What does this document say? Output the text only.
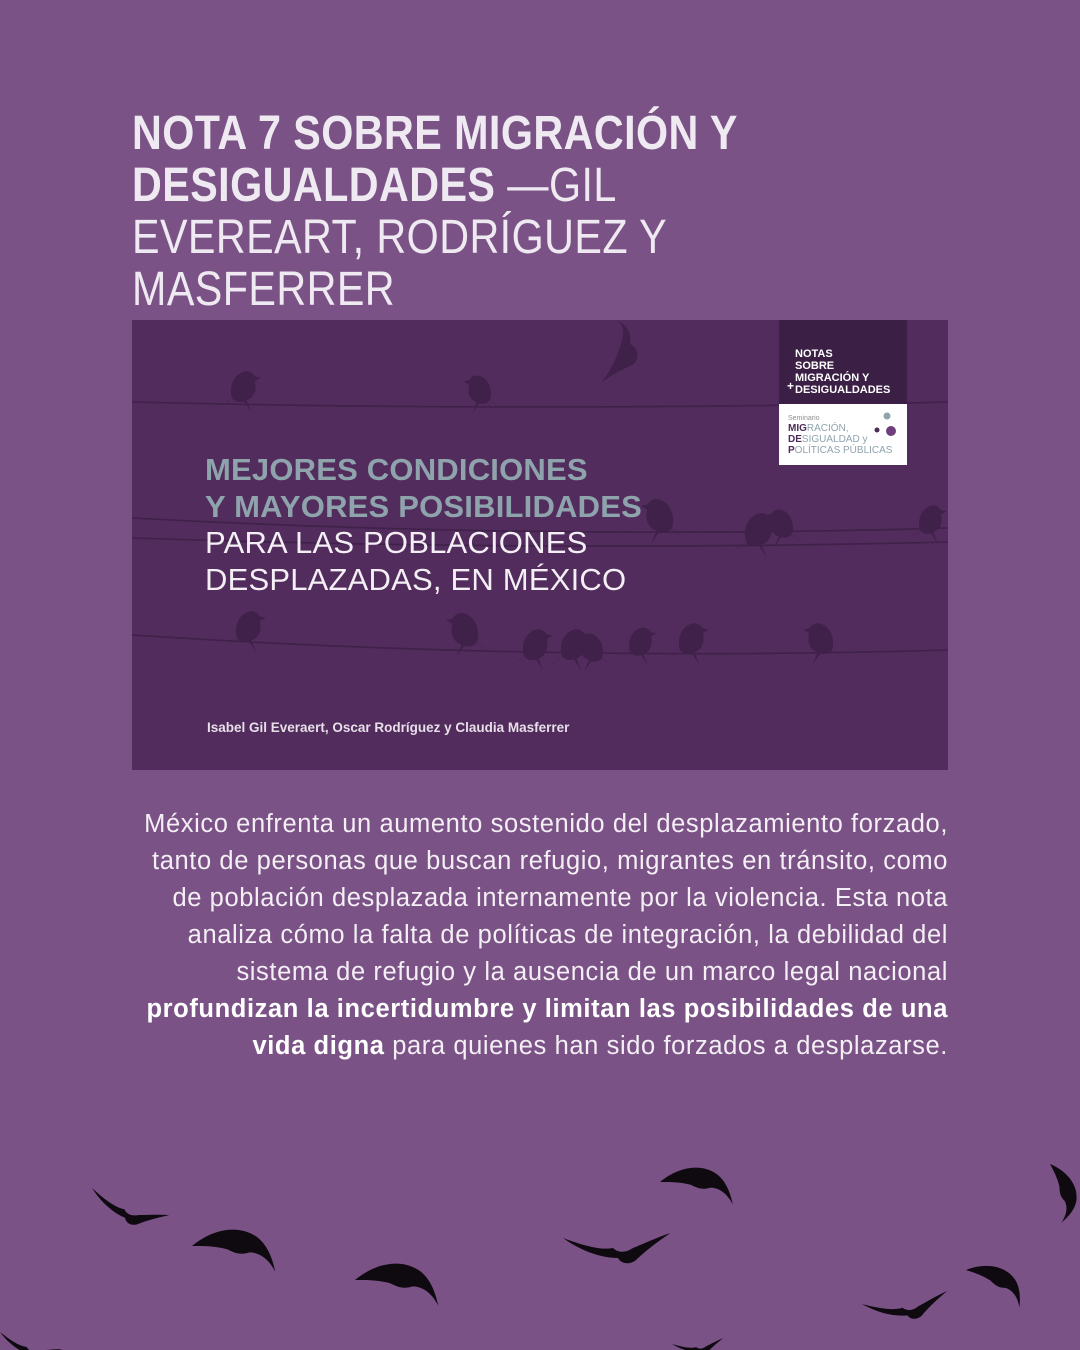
NOTA 7 SOBRE MIGRACIÓN Y DESIGUALDADES —GIL EVEREART, RODRÍGUEZ Y MASFERRER

MEJORES CONDICIONES
Y MAYORES POSIBILIDADES
PARA LAS POBLACIONES
DESPLAZADAS, EN MÉXICO

Isabel Gil Everaert, Oscar Rodríguez y Claudia Masferrer
NOTAS
SOBRE
MIGRACIÓN Y
DESIGUALDADES
+
Seminario
MIGRACIÓN,
DESIGUALDAD y
POLÍTICAS PÚBLICAS

México enfrenta un aumento sostenido del desplazamiento forzado, tanto de personas que buscan refugio, migrantes en tránsito, como de población desplazada internamente por la violencia. Esta nota analiza cómo la falta de políticas de integración, la debilidad del sistema de refugio y la ausencia de un marco legal nacional profundizan la incertidumbre y limitan las posibilidades de una vida digna para quienes han sido forzados a desplazarse.
